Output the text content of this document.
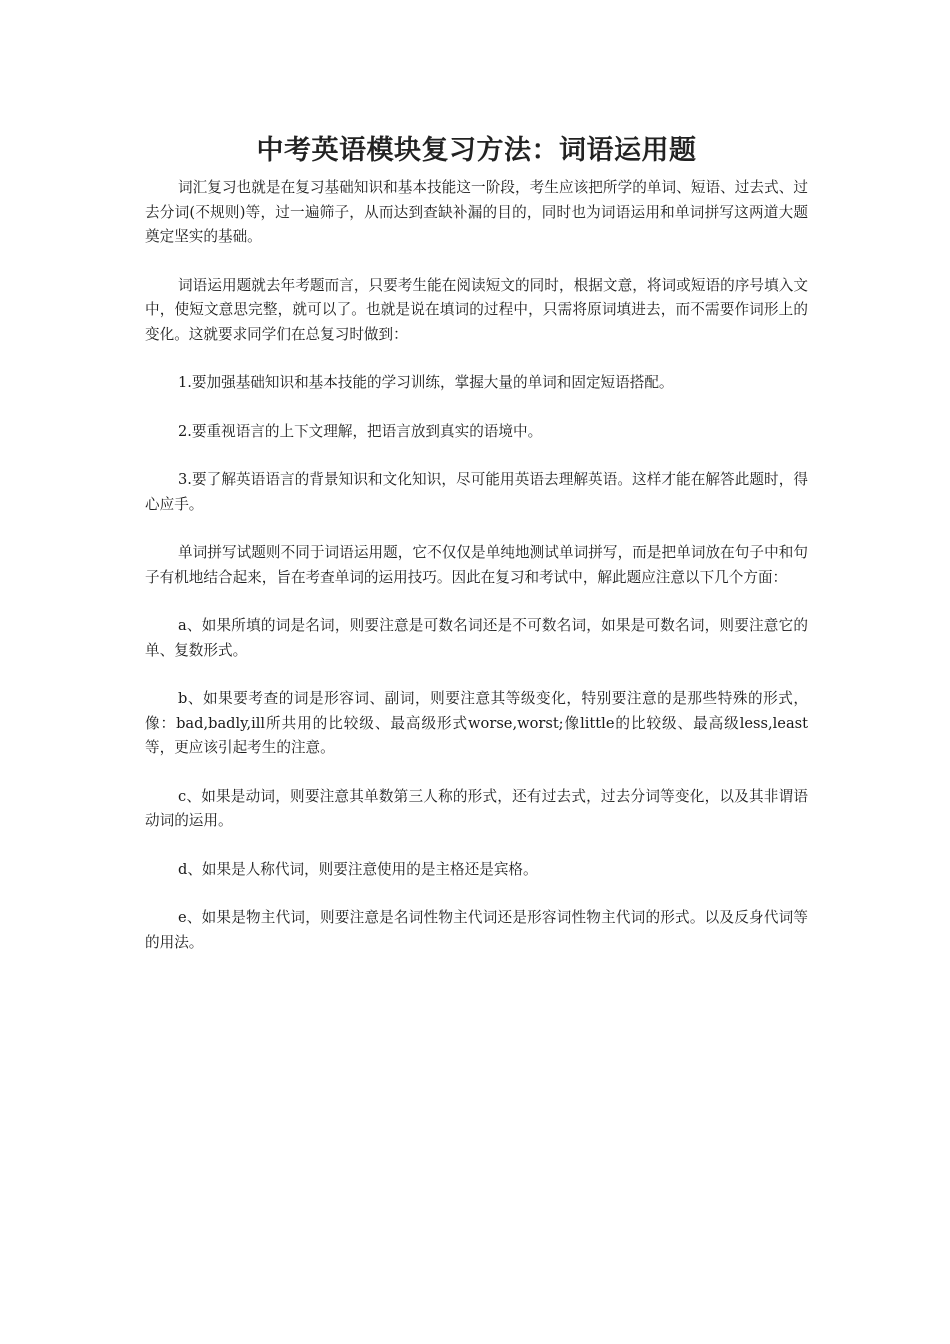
中考英语模块复习方法：词语运用题

词汇复习也就是在复习基础知识和基本技能这一阶段，考生应该把所学的单词、短语、过去式、过去分词(不规则)等，过一遍筛子，从而达到查缺补漏的目的，同时也为词语运用和单词拼写这两道大题奠定坚实的基础。

词语运用题就去年考题而言，只要考生能在阅读短文的同时，根据文意，将词或短语的序号填入文中，使短文意思完整，就可以了。也就是说在填词的过程中，只需将原词填进去，而不需要作词形上的变化。这就要求同学们在总复习时做到：

1.要加强基础知识和基本技能的学习训练，掌握大量的单词和固定短语搭配。

2.要重视语言的上下文理解，把语言放到真实的语境中。

3.要了解英语语言的背景知识和文化知识，尽可能用英语去理解英语。这样才能在解答此题时，得心应手。

单词拼写试题则不同于词语运用题，它不仅仅是单纯地测试单词拼写，而是把单词放在句子中和句子有机地结合起来，旨在考查单词的运用技巧。因此在复习和考试中，解此题应注意以下几个方面：

a、如果所填的词是名词，则要注意是可数名词还是不可数名词，如果是可数名词，则要注意它的单、复数形式。

b、如果要考查的词是形容词、副词，则要注意其等级变化，特别要注意的是那些特殊的形式，像：bad,badly,ill所共用的比较级、最高级形式worse,worst;像little的比较级、最高级less,least等，更应该引起考生的注意。

c、如果是动词，则要注意其单数第三人称的形式，还有过去式，过去分词等变化，以及其非谓语动词的运用。

d、如果是人称代词，则要注意使用的是主格还是宾格。

e、如果是物主代词，则要注意是名词性物主代词还是形容词性物主代词的形式。以及反身代词等的用法。
